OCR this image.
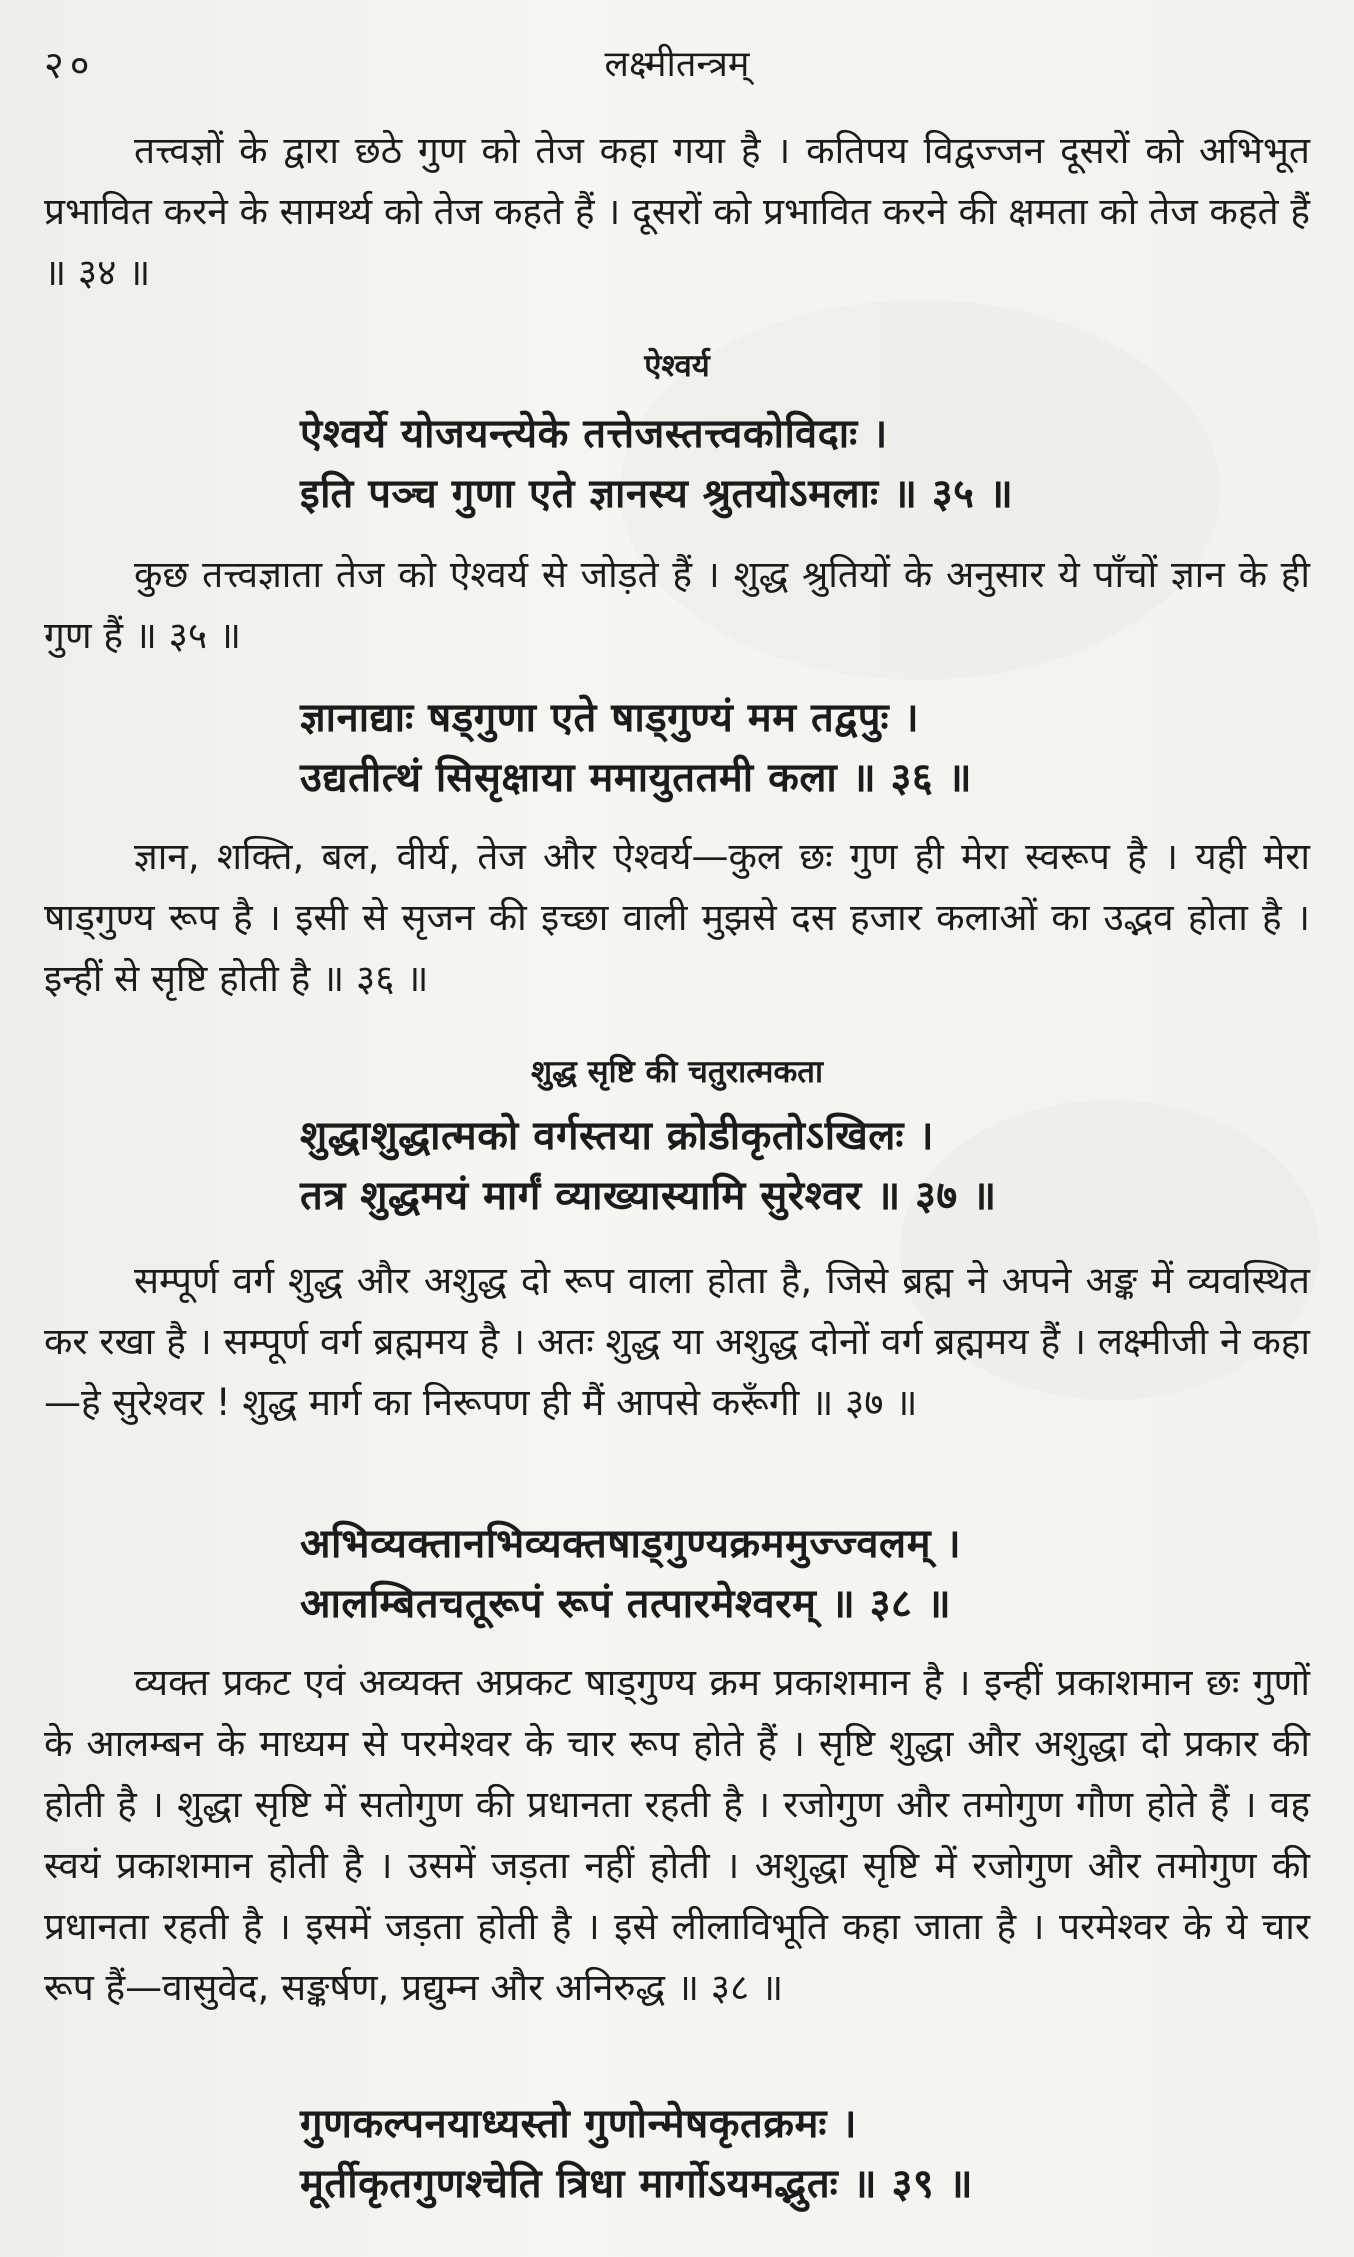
२०	लक्ष्मीतन्त्रम्

तत्त्वज्ञों के द्वारा छठे गुण को तेज कहा गया है । कतिपय विद्वज्जन दूसरों को अभिभूत प्रभावित करने के सामर्थ्य को तेज कहते हैं । दूसरों को प्रभावित करने की क्षमता को तेज कहते हैं ॥ ३४ ॥

ऐश्वर्य
ऐश्वर्ये योजयन्त्येके तत्तेजस्तत्त्वकोविदाः ।
इति पञ्च गुणा एते ज्ञानस्य श्रुतयोऽमलाः ॥ ३५ ॥

कुछ तत्त्वज्ञाता तेज को ऐश्वर्य से जोड़ते हैं । शुद्ध श्रुतियों के अनुसार ये पाँचों ज्ञान के ही गुण हैं ॥ ३५ ॥

ज्ञानाद्याः षड्गुणा एते षाड्गुण्यं मम तद्वपुः ।
उद्यतीत्थं सिसृक्षाया ममायुततमी कला ॥ ३६ ॥

ज्ञान, शक्ति, बल, वीर्य, तेज और ऐश्वर्य—कुल छः गुण ही मेरा स्वरूप है । यही मेरा षाड्गुण्य रूप है । इसी से सृजन की इच्छा वाली मुझसे दस हजार कलाओं का उद्भव होता है । इन्हीं से सृष्टि होती है ॥ ३६ ॥

शुद्ध सृष्टि की चतुरात्मकता
शुद्धाशुद्धात्मको वर्गस्तया क्रोडीकृतोऽखिलः ।
तत्र शुद्धमयं मार्गं व्याख्यास्यामि सुरेश्वर ॥ ३७ ॥

सम्पूर्ण वर्ग शुद्ध और अशुद्ध दो रूप वाला होता है, जिसे ब्रह्म ने अपने अङ्क में व्यवस्थित कर रखा है । सम्पूर्ण वर्ग ब्रह्ममय है । अतः शुद्ध या अशुद्ध दोनों वर्ग ब्रह्ममय हैं । लक्ष्मीजी ने कहा—हे सुरेश्वर ! शुद्ध मार्ग का निरूपण ही मैं आपसे करूँगी ॥ ३७ ॥

अभिव्यक्तानभिव्यक्तषाड्गुण्यक्रममुज्ज्वलम् ।
आलम्बितचतूरूपं रूपं तत्पारमेश्वरम् ॥ ३८ ॥

व्यक्त प्रकट एवं अव्यक्त अप्रकट षाड्गुण्य क्रम प्रकाशमान है । इन्हीं प्रकाशमान छः गुणों के आलम्बन के माध्यम से परमेश्वर के चार रूप होते हैं । सृष्टि शुद्धा और अशुद्धा दो प्रकार की होती है । शुद्धा सृष्टि में सतोगुण की प्रधानता रहती है । रजोगुण और तमोगुण गौण होते हैं । वह स्वयं प्रकाशमान होती है । उसमें जड़ता नहीं होती । अशुद्धा सृष्टि में रजोगुण और तमोगुण की प्रधानता रहती है । इसमें जड़ता होती है । इसे लीलाविभूति कहा जाता है । परमेश्वर के ये चार रूप हैं—वासुवेद, सङ्कर्षण, प्रद्युम्न और अनिरुद्ध ॥ ३८ ॥

गुणकल्पनयाध्यस्तो गुणोन्मेषकृतक्रमः ।
मूर्तीकृतगुणश्चेति त्रिधा मार्गोऽयमद्भुतः ॥ ३९ ॥
